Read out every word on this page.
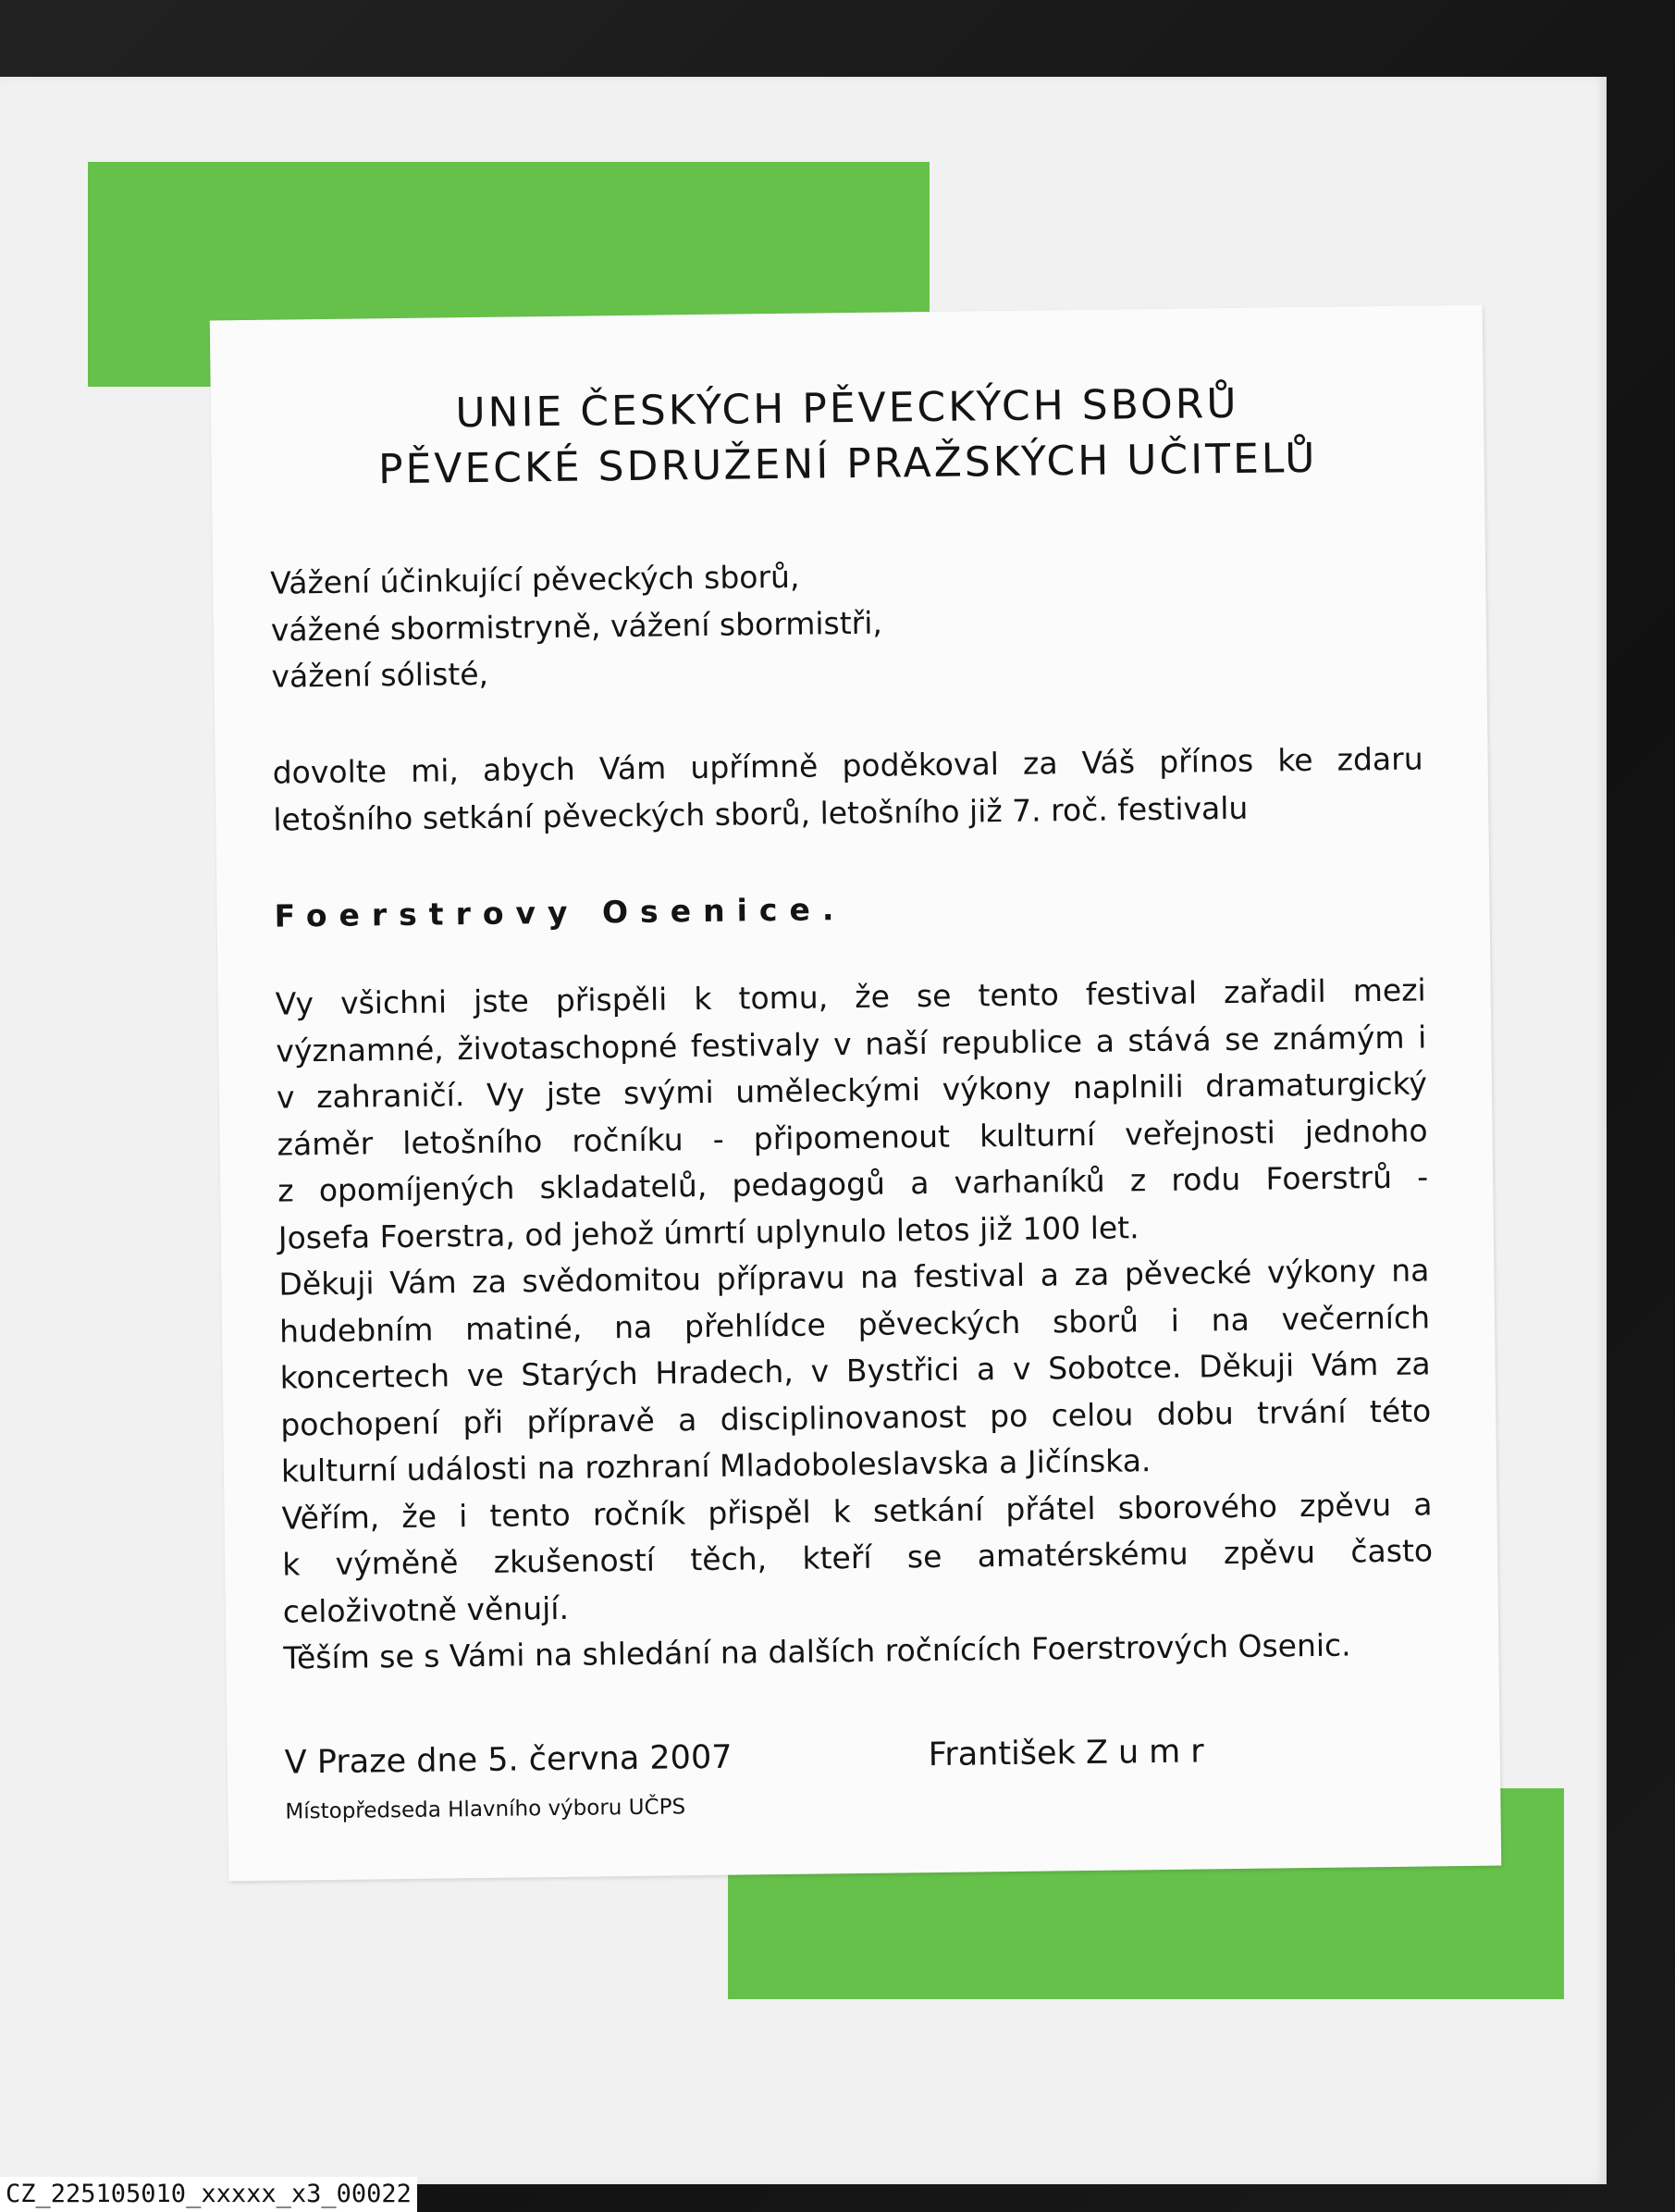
UNIE ČESKÝCH PĚVECKÝCH SBORŮ
PĚVECKÉ SDRUŽENÍ PRAŽSKÝCH UČITELŮ
Vážení účinkující pěveckých sborů,
vážené sbormistryně, vážení sbormistři,
vážení sólisté,
dovolte mi, abych Vám upřímně poděkoval za Váš přínos ke zdaru
letošního setkání pěveckých sborů, letošního již 7. roč. festivalu
Foerstrovy Osenice.
Vy všichni jste přispěli k tomu, že se tento festival zařadil mezi
významné, životaschopné festivaly v naší republice a stává se známým i
v zahraničí. Vy jste svými uměleckými výkony naplnili dramaturgický
záměr letošního ročníku - připomenout kulturní veřejnosti jednoho
z opomíjených skladatelů, pedagogů a varhaníků z rodu Foerstrů -
Josefa Foerstra, od jehož úmrtí uplynulo letos již 100 let.
Děkuji Vám za svědomitou přípravu na festival a za pěvecké výkony na
hudebním matiné, na přehlídce pěveckých sborů i na večerních
koncertech ve Starých Hradech, v Bystřici a v Sobotce. Děkuji Vám za
pochopení při přípravě a disciplinovanost po celou dobu trvání této
kulturní události na rozhraní Mladoboleslavska a Jičínska.
Věřím, že i tento ročník přispěl k setkání přátel sborového zpěvu a
k výměně zkušeností těch, kteří se amatérskému zpěvu často
celoživotně věnují.
Těším se s Vámi na shledání na dalších ročnících Foerstrových Osenic.
V Praze dne 5. června 2007	František Zumr
Místopředseda Hlavního výboru UČPS
CZ_225105010_xxxxx_x3_00022
